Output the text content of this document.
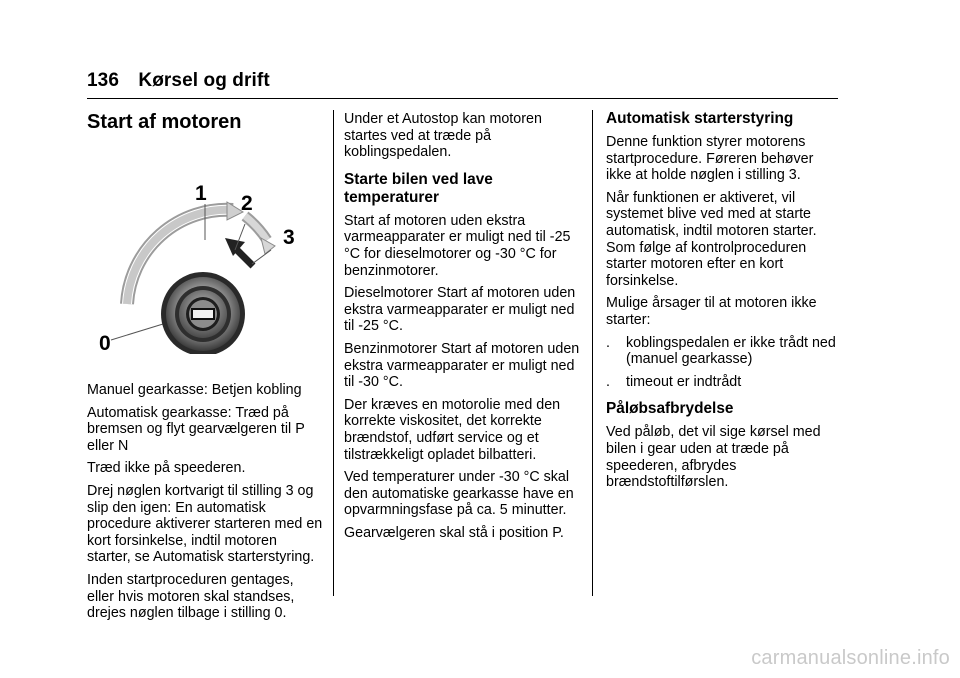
136 Kørsel og drift
Start af motoren
1 2
3
0

Manuel gearkasse: Betjen kobling

Automatisk gearkasse: Træd på bremsen og flyt gearvælgeren til P eller N

Træd ikke på speederen.

Drej nøglen kortvarigt til stilling 3 og slip den igen: En automatisk procedure aktiverer starteren med en kort forsinkelse, indtil motoren starter, se Automatisk starterstyring.

Inden startproceduren gentages, eller hvis motoren skal standses, drejes nøglen tilbage i stilling 0.

Under et Autostop kan motoren startes ved at træde på koblingspedalen.

Starte bilen ved lave temperaturer

Start af motoren uden ekstra varmeapparater er muligt ned til -25 °C for dieselmotorer og -30 °C for benzinmotorer.

Dieselmotorer Start af motoren uden ekstra varmeapparater er muligt ned til -25 °C.

Benzinmotorer Start af motoren uden ekstra varmeapparater er muligt ned til -30 °C.

Der kræves en motorolie med den korrekte viskositet, det korrekte brændstof, udført service og et tilstrækkeligt opladet bilbatteri.

Ved temperaturer under -30 °C skal den automatiske gearkasse have en opvarmningsfase på ca. 5 minutter.

Gearvælgeren skal stå i position P.

Automatisk starterstyring

Denne funktion styrer motorens startprocedure. Føreren behøver ikke at holde nøglen i stilling 3.

Når funktionen er aktiveret, vil systemet blive ved med at starte automatisk, indtil motoren starter. Som følge af kontrolproceduren starter motoren efter en kort forsinkelse.

Mulige årsager til at motoren ikke starter:

.	koblingspedalen er ikke trådt ned (manuel gearkasse)
.	timeout er indtrådt
Påløbsafbrydelse

Ved påløb, det vil sige kørsel med bilen i gear uden at træde på speederen, afbrydes brændstoftilførslen.

carmanualsonline.info
